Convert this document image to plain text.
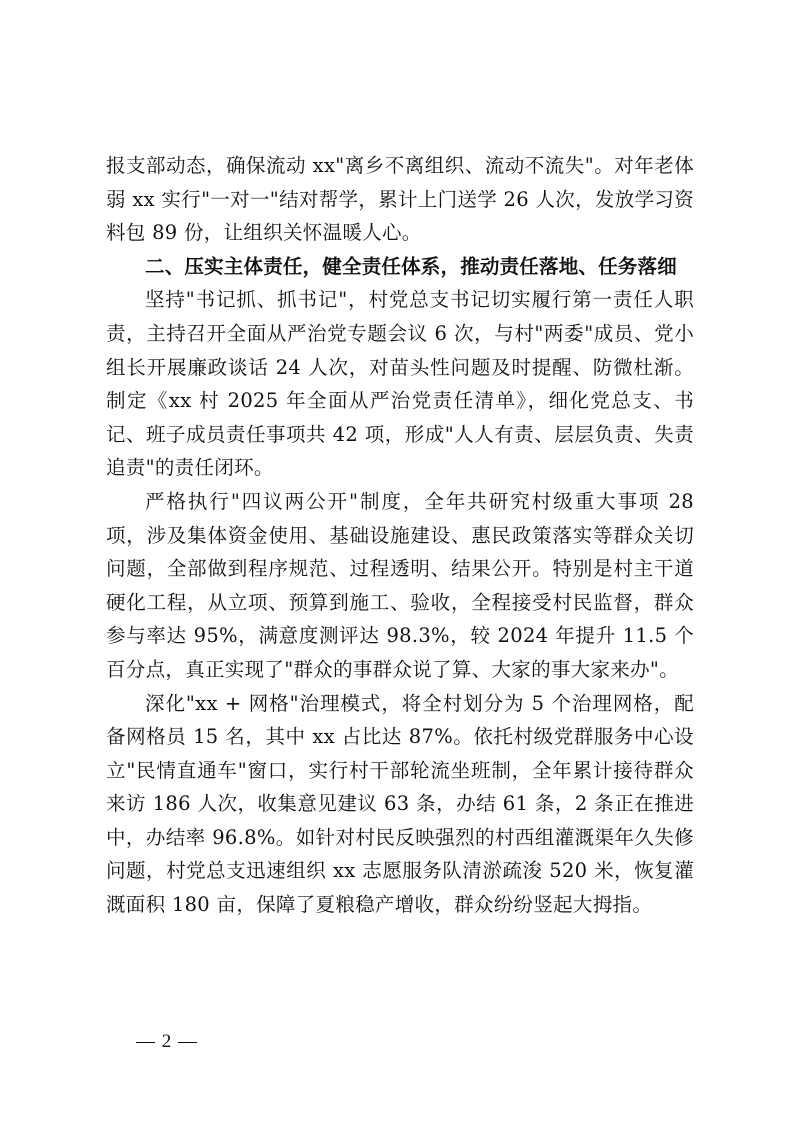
报支部动态，确保流动 xx"离乡不离组织、流动不流失"。对年老体弱 xx 实行"一对一"结对帮学，累计上门送学 26 人次，发放学习资料包 89 份，让组织关怀温暖人心。

二、压实主体责任，健全责任体系，推动责任落地、任务落细

坚持"书记抓、抓书记"，村党总支书记切实履行第一责任人职责，主持召开全面从严治党专题会议 6 次，与村"两委"成员、党小组长开展廉政谈话 24 人次，对苗头性问题及时提醒、防微杜渐。制定《xx 村 2025 年全面从严治党责任清单》，细化党总支、书记、班子成员责任事项共 42 项，形成"人人有责、层层负责、失责追责"的责任闭环。

严格执行"四议两公开"制度，全年共研究村级重大事项 28 项，涉及集体资金使用、基础设施建设、惠民政策落实等群众关切问题，全部做到程序规范、过程透明、结果公开。特别是村主干道硬化工程，从立项、预算到施工、验收，全程接受村民监督，群众参与率达 95%，满意度测评达 98.3%，较 2024 年提升 11.5 个百分点，真正实现了"群众的事群众说了算、大家的事大家来办"。

深化"xx + 网格"治理模式，将全村划分为 5 个治理网格，配备网格员 15 名，其中 xx 占比达 87%。依托村级党群服务中心设立"民情直通车"窗口，实行村干部轮流坐班制，全年累计接待群众来访 186 人次，收集意见建议 63 条，办结 61 条，2 条正在推进中，办结率 96.8%。如针对村民反映强烈的村西组灌溉渠年久失修问题，村党总支迅速组织 xx 志愿服务队清淤疏浚 520 米，恢复灌溉面积 180 亩，保障了夏粮稳产增收，群众纷纷竖起大拇指。

— 2 —
